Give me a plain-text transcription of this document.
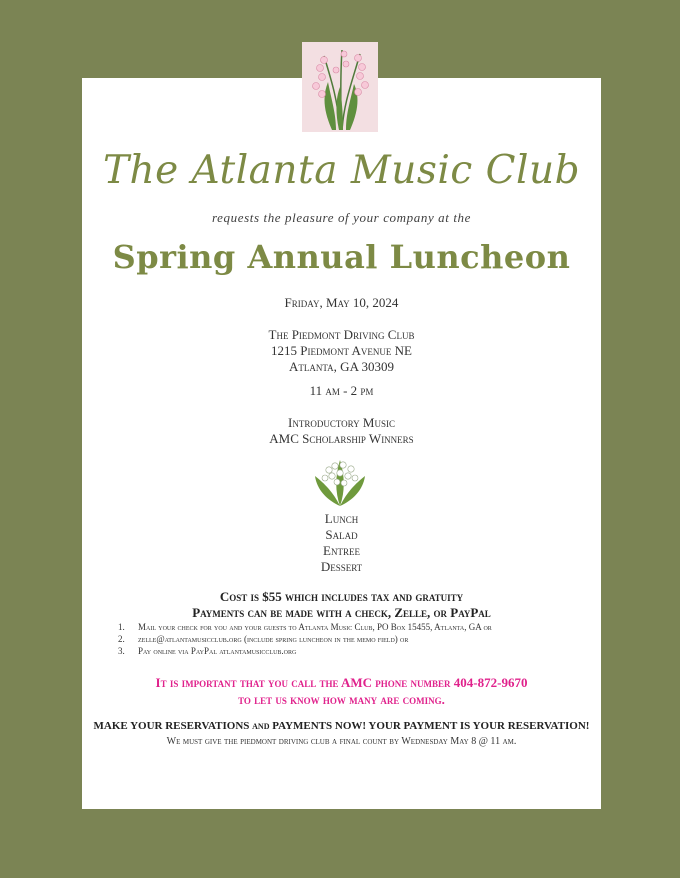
The Atlanta Music Club
requests the pleasure of your company at the
Spring Annual Luncheon
Friday, May 10, 2024
The Piedmont Driving Club
1215 Piedmont Avenue NE
Atlanta, GA 30309
11 am - 2 pm
Introductory Music
AMC Scholarship Winners
Lunch
Salad
Entree
Dessert
Cost is $55 which includes tax and gratuity
Payments can be made with a check, Zelle, or PayPal
1. Mail your check for you and your guests to Atlanta Music Club, PO Box 15455, Atlanta, GA or
2. zelle@atlantamusicclub.org (include spring luncheon in the memo field) or
3. Pay online via PayPal atlantamusicclub.org
It is important that you call the AMC phone number 404-872-9670
to let us know how many are coming.
MAKE YOUR RESERVATIONS and PAYMENTS NOW! YOUR PAYMENT IS YOUR RESERVATION!
We must give the piedmont driving club a final count by Wednesday May 8 @ 11 am.
